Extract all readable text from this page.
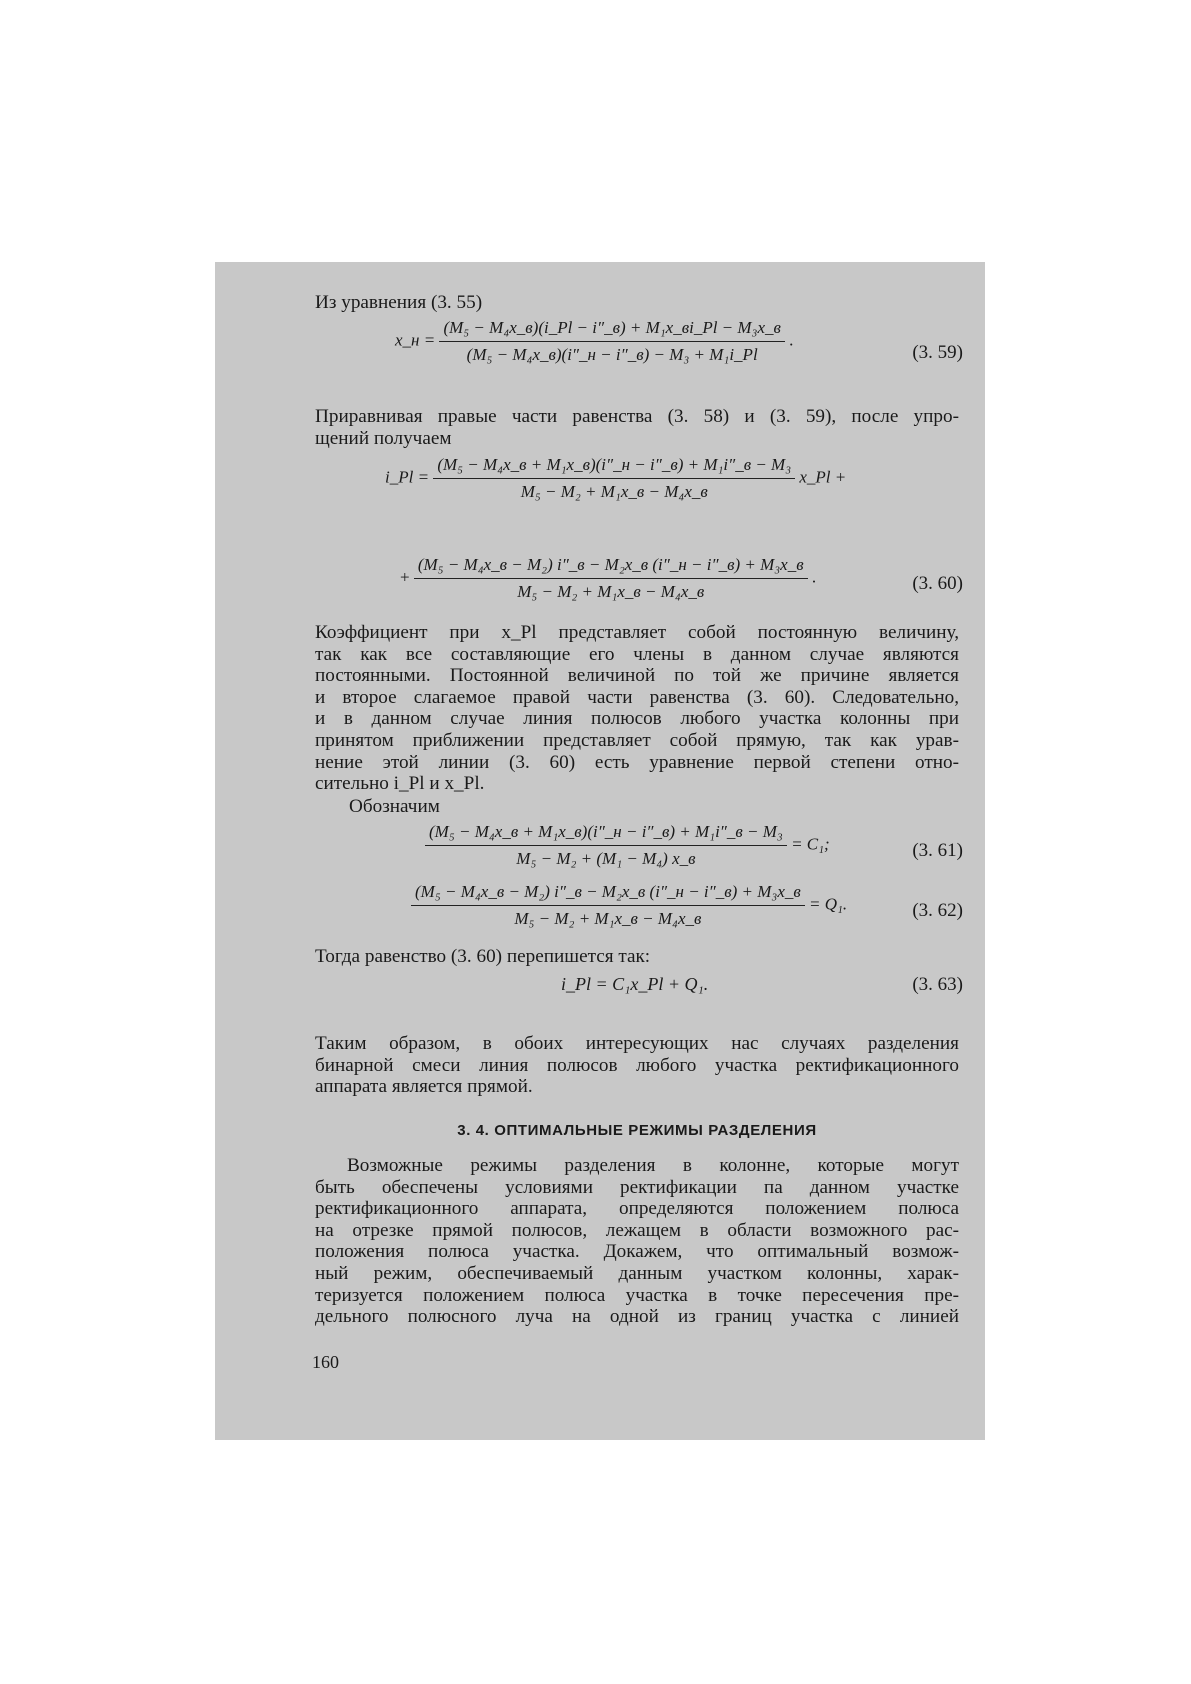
Из уравнения (3. 55)
x_н = $\frac{\text{(M₅ − M₄x\_в)(i\_Pl − i″\_в) + M₁x\_вi\_Pl − M₃x\_в}}{\text{(M₅ − M₄x\_в)(i″\_н − i″\_в) − M₃ + M₁i\_Pl}}$ .
(3. 59)
Приравнивая правые части равенства (3. 58) и (3. 59), после упро-
щений получаем
i_Pl = $\frac{\text{(M₅ − M₄x\_в + M₁x\_в)(i″\_н − i″\_в) + M₁i″\_в − M₃}}{\text{M₅ − M₂ + M₁x\_в − M₄x\_в}}$ x_Pl +
+ $\frac{\text{(M₅ − M₄x\_в − M₂) i″\_в − M₂x\_в (i″\_н − i″\_в) + M₃x\_в}}{\text{M₅ − M₂ + M₁x\_в − M₄x\_в}}$ .	(3. 60)
Коэффициент при x_Pl представляет собой постоянную величину,
так как все составляющие его члены в данном случае являются
постоянными. Постоянной величиной по той же причине является
и второе слагаемое правой части равенства (3. 60). Следовательно,
и в данном случае линия полюсов любого участка колонны при
принятом приближении представляет собой прямую, так как урав-
нение этой линии (3. 60) есть уравнение первой степени отно-
сительно i_Pl и x_Pl.
Обозначим
$\frac{\text{(M₅ − M₄x\_в + M₁x\_в)(i″\_н − i″\_в) + M₁i″\_в − M₃}}{\text{M₅ − M₂ + (M₁ − M₄) x\_в}} = C_1$;	(3. 61)
$\frac{\text{(M₅ − M₄x\_в − M₂) i″\_в − M₂x\_в (i″\_н − i″\_в) + M₃x\_в}}{\text{M₅ − M₂ + M₁x\_в − M₄x\_в}} = Q_1$.	(3. 62)
Тогда равенство (3. 60) перепишется так:
i_Pl = C₁x_Pl + Q₁.	(3. 63)
Таким образом, в обоих интересующих нас случаях разделения
бинарной смеси линия полюсов любого участка ректификационного
аппарата является прямой.
3. 4. ОПТИМАЛЬНЫЕ РЕЖИМЫ РАЗДЕЛЕНИЯ
Возможные режимы разделения в колонне, которые могут
быть обеспечены условиями ректификации па данном участке
ректификационного аппарата, определяются положением полюса
на отрезке прямой полюсов, лежащем в области возможного рас-
положения полюса участка. Докажем, что оптимальный возмож-
ный режим, обеспечиваемый данным участком колонны, харак-
теризуется положением полюса участка в точке пересечения пре-
дельного полюсного луча на одной из границ участка с линией
160
